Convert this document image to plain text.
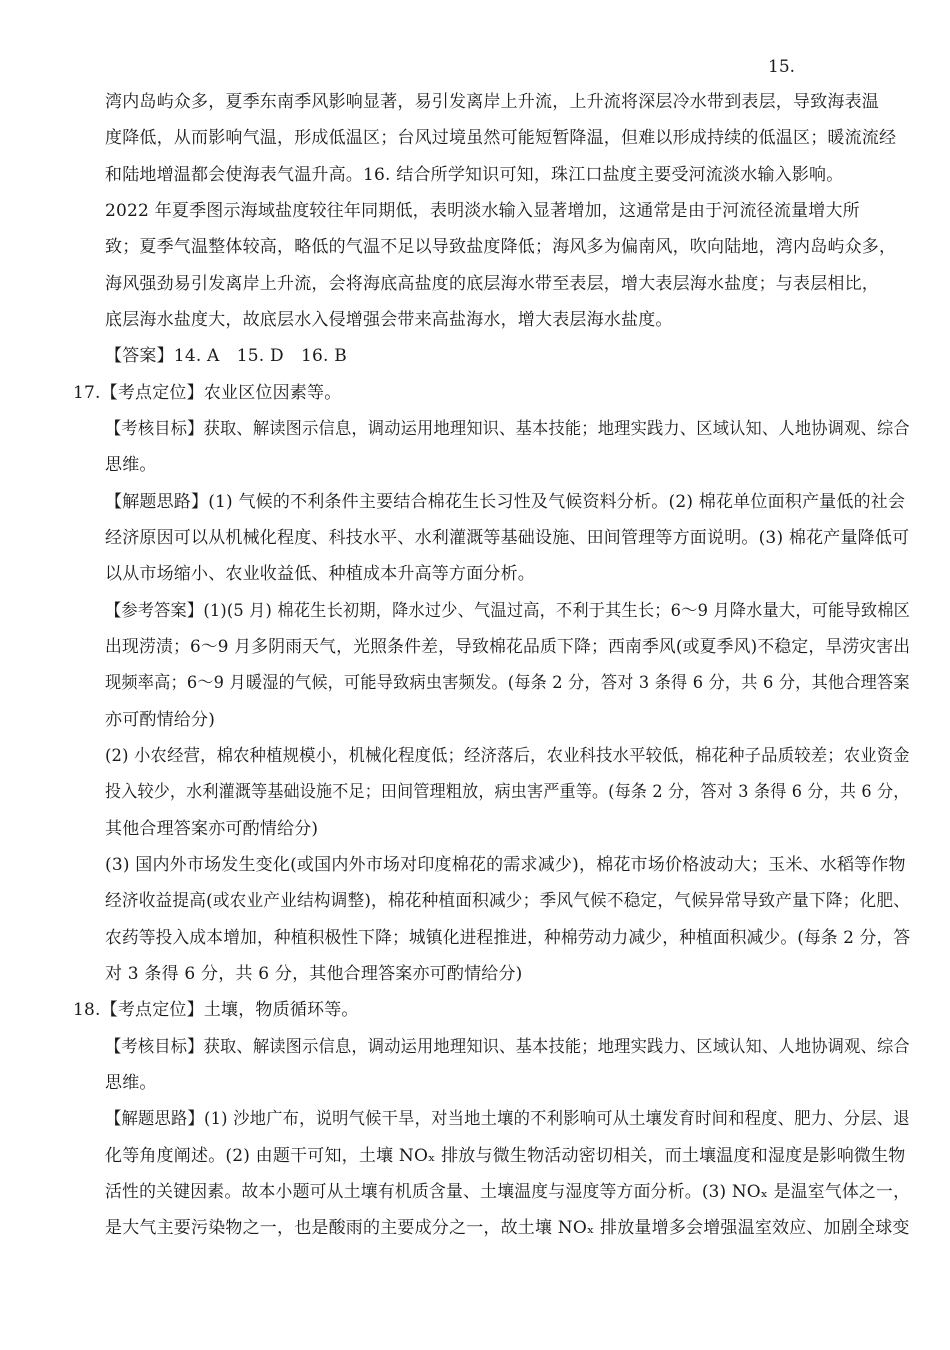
15.
湾内岛屿众多，夏季东南季风影响显著，易引发离岸上升流，上升流将深层冷水带到表层，导致海表温
度降低，从而影响气温，形成低温区；台风过境虽然可能短暂降温，但难以形成持续的低温区；暖流流经
和陆地增温都会使海表气温升高。16. 结合所学知识可知，珠江口盐度主要受河流淡水输入影响。
2022 年夏季图示海域盐度较往年同期低，表明淡水输入显著增加，这通常是由于河流径流量增大所
致；夏季气温整体较高，略低的气温不足以导致盐度降低；海风多为偏南风，吹向陆地，湾内岛屿众多，
海风强劲易引发离岸上升流，会将海底高盐度的底层海水带至表层，增大表层海水盐度；与表层相比，
底层海水盐度大，故底层水入侵增强会带来高盐海水，增大表层海水盐度。
【答案】14. A　15. D　16. B
17.【考点定位】农业区位因素等。
【考核目标】获取、解读图示信息，调动运用地理知识、基本技能；地理实践力、区域认知、人地协调观、综合
思维。
【解题思路】(1) 气候的不利条件主要结合棉花生长习性及气候资料分析。(2) 棉花单位面积产量低的社会
经济原因可以从机械化程度、科技水平、水利灌溉等基础设施、田间管理等方面说明。(3) 棉花产量降低可
以从市场缩小、农业收益低、种植成本升高等方面分析。
【参考答案】(1)(5 月) 棉花生长初期，降水过少、气温过高，不利于其生长；6～9 月降水量大，可能导致棉区
出现涝渍；6～9 月多阴雨天气，光照条件差，导致棉花品质下降；西南季风(或夏季风)不稳定，旱涝灾害出
现频率高；6～9 月暖湿的气候，可能导致病虫害频发。(每条 2 分，答对 3 条得 6 分，共 6 分，其他合理答案
亦可酌情给分)
(2) 小农经营，棉农种植规模小，机械化程度低；经济落后，农业科技水平较低，棉花种子品质较差；农业资金
投入较少，水利灌溉等基础设施不足；田间管理粗放，病虫害严重等。(每条 2 分，答对 3 条得 6 分，共 6 分，
其他合理答案亦可酌情给分)
(3) 国内外市场发生变化(或国内外市场对印度棉花的需求减少)，棉花市场价格波动大；玉米、水稻等作物
经济收益提高(或农业产业结构调整)，棉花种植面积减少；季风气候不稳定，气候异常导致产量下降；化肥、
农药等投入成本增加，种植积极性下降；城镇化进程推进，种棉劳动力减少，种植面积减少。(每条 2 分，答
对 3 条得 6 分，共 6 分，其他合理答案亦可酌情给分)
18.【考点定位】土壤，物质循环等。
【考核目标】获取、解读图示信息，调动运用地理知识、基本技能；地理实践力、区域认知、人地协调观、综合
思维。
【解题思路】(1) 沙地广布，说明气候干旱，对当地土壤的不利影响可从土壤发育时间和程度、肥力、分层、退
化等角度阐述。(2) 由题干可知，土壤 NOₓ 排放与微生物活动密切相关，而土壤温度和湿度是影响微生物
活性的关键因素。故本小题可从土壤有机质含量、土壤温度与湿度等方面分析。(3) NOₓ 是温室气体之一，
是大气主要污染物之一，也是酸雨的主要成分之一，故土壤 NOₓ 排放量增多会增强温室效应、加剧全球变
